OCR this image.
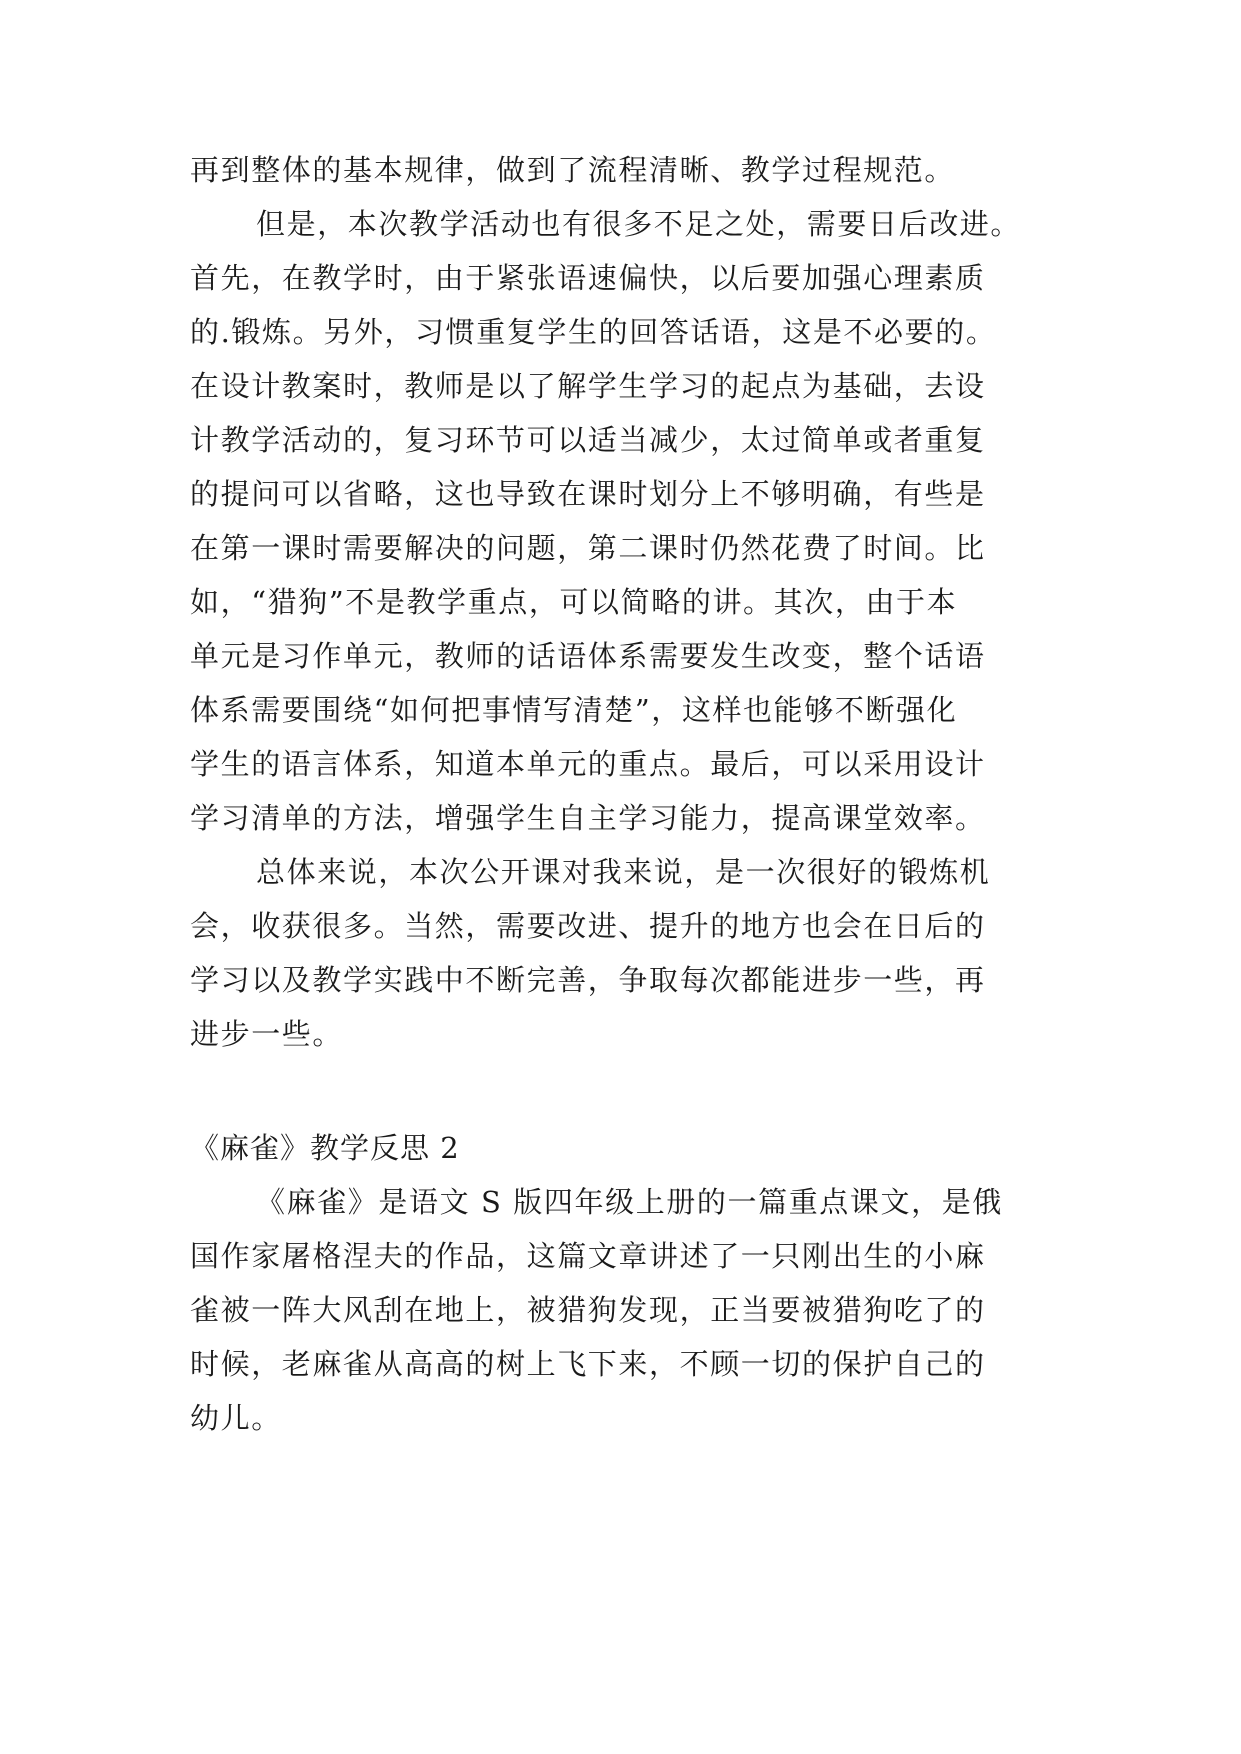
再到整体的基本规律，做到了流程清晰、教学过程规范。
但是，本次教学活动也有很多不足之处，需要日后改进。
首先，在教学时，由于紧张语速偏快，以后要加强心理素质
的.锻炼。另外，习惯重复学生的回答话语，这是不必要的。
在设计教案时，教师是以了解学生学习的起点为基础，去设
计教学活动的，复习环节可以适当减少，太过简单或者重复
的提问可以省略，这也导致在课时划分上不够明确，有些是
在第一课时需要解决的问题，第二课时仍然花费了时间。比
如，“猎狗”不是教学重点，可以简略的讲。其次，由于本
单元是习作单元，教师的话语体系需要发生改变，整个话语
体系需要围绕“如何把事情写清楚”，这样也能够不断强化
学生的语言体系，知道本单元的重点。最后，可以采用设计
学习清单的方法，增强学生自主学习能力，提高课堂效率。
总体来说，本次公开课对我来说，是一次很好的锻炼机
会，收获很多。当然，需要改进、提升的地方也会在日后的
学习以及教学实践中不断完善，争取每次都能进步一些，再
进步一些。
《麻雀》教学反思 2
《麻雀》是语文 S 版四年级上册的一篇重点课文，是俄
国作家屠格涅夫的作品，这篇文章讲述了一只刚出生的小麻
雀被一阵大风刮在地上，被猎狗发现，正当要被猎狗吃了的
时候，老麻雀从高高的树上飞下来，不顾一切的保护自己的
幼儿。
